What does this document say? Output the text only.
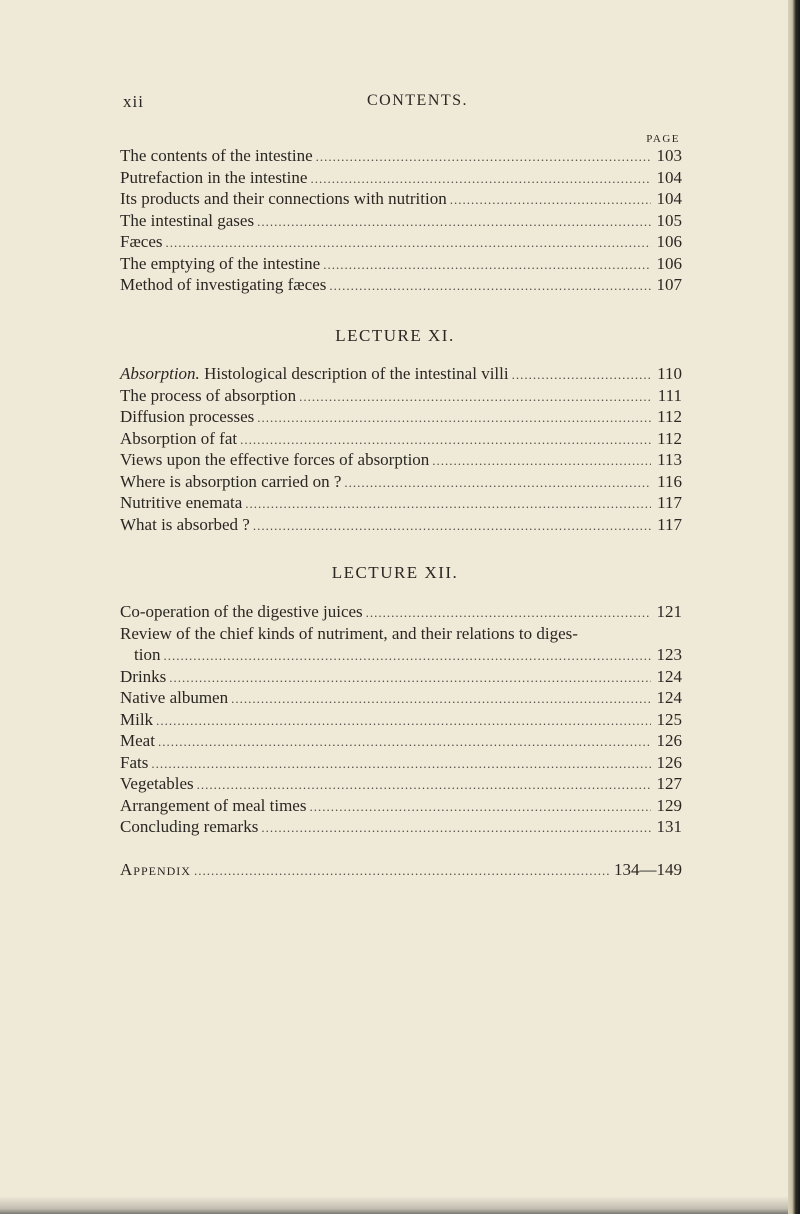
xii	CONTENTS.
PAGE
The contents of the intestine .....	103
Putrefaction in the intestine .....	104
Its products and their connections with nutrition .....	104
The intestinal gases .....	105
Fæces .....	106
The emptying of the intestine .....	106
Method of investigating fæces .....	107
LECTURE XI.
Absorption. Histological description of the intestinal villi .....	110
The process of absorption .....	111
Diffusion processes .....	112
Absorption of fat .....	112
Views upon the effective forces of absorption .....	113
Where is absorption carried on ? .....	116
Nutritive enemata .....	117
What is absorbed ? .....	117
LECTURE XII.
Co-operation of the digestive juices .....	121
Review of the chief kinds of nutriment, and their relations to diges-
tion .....	123
Drinks .....	124
Native albumen .....	124
Milk .....	125
Meat .....	126
Fats .....	126
Vegetables .....	127
Arrangement of meal times .....	129
Concluding remarks .....	131
Appendix .....	134—149
